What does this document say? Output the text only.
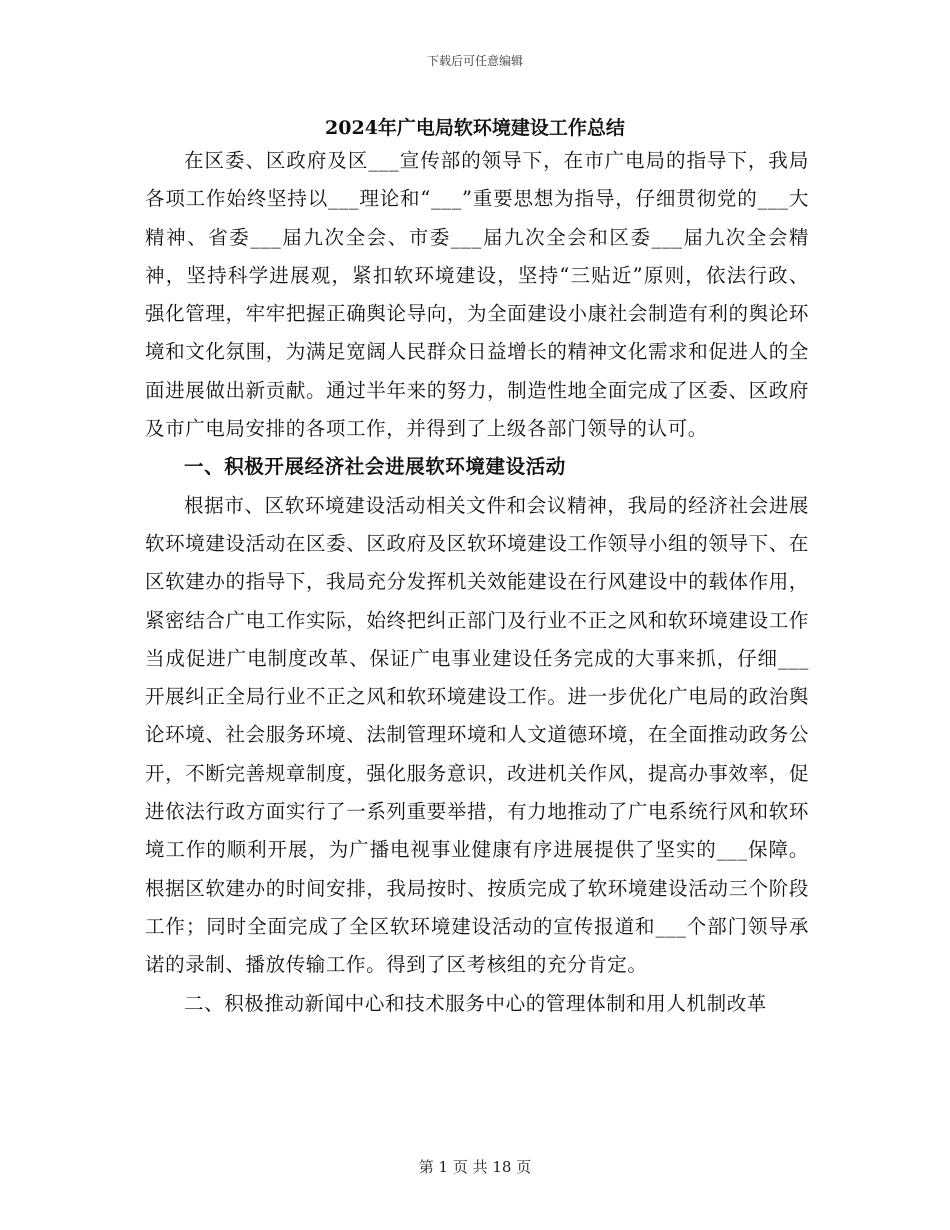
下载后可任意编辑
2024年广电局软环境建设工作总结

在区委、区政府及区___宣传部的领导下，在市广电局的指导下，我局各项工作始终坚持以___理论和“___”重要思想为指导，仔细贯彻党的___大精神、省委___届九次全会、市委___届九次全会和区委___届九次全会精神，坚持科学进展观，紧扣软环境建设，坚持“三贴近”原则，依法行政、强化管理，牢牢把握正确舆论导向，为全面建设小康社会制造有利的舆论环境和文化氛围，为满足宽阔人民群众日益增长的精神文化需求和促进人的全面进展做出新贡献。通过半年来的努力，制造性地全面完成了区委、区政府及市广电局安排的各项工作，并得到了上级各部门领导的认可。

一、积极开展经济社会进展软环境建设活动

根据市、区软环境建设活动相关文件和会议精神，我局的经济社会进展软环境建设活动在区委、区政府及区软环境建设工作领导小组的领导下、在区软建办的指导下，我局充分发挥机关效能建设在行风建设中的载体作用，紧密结合广电工作实际，始终把纠正部门及行业不正之风和软环境建设工作当成促进广电制度改革、保证广电事业建设任务完成的大事来抓，仔细___开展纠正全局行业不正之风和软环境建设工作。进一步优化广电局的政治舆论环境、社会服务环境、法制管理环境和人文道德环境，在全面推动政务公开，不断完善规章制度，强化服务意识，改进机关作风，提高办事效率，促进依法行政方面实行了一系列重要举措，有力地推动了广电系统行风和软环境工作的顺利开展，为广播电视事业健康有序进展提供了坚实的___保障。根据区软建办的时间安排，我局按时、按质完成了软环境建设活动三个阶段工作；同时全面完成了全区软环境建设活动的宣传报道和___个部门领导承诺的录制、播放传输工作。得到了区考核组的充分肯定。

二、积极推动新闻中心和技术服务中心的管理体制和用人机制改革

第 1 页 共 18 页
